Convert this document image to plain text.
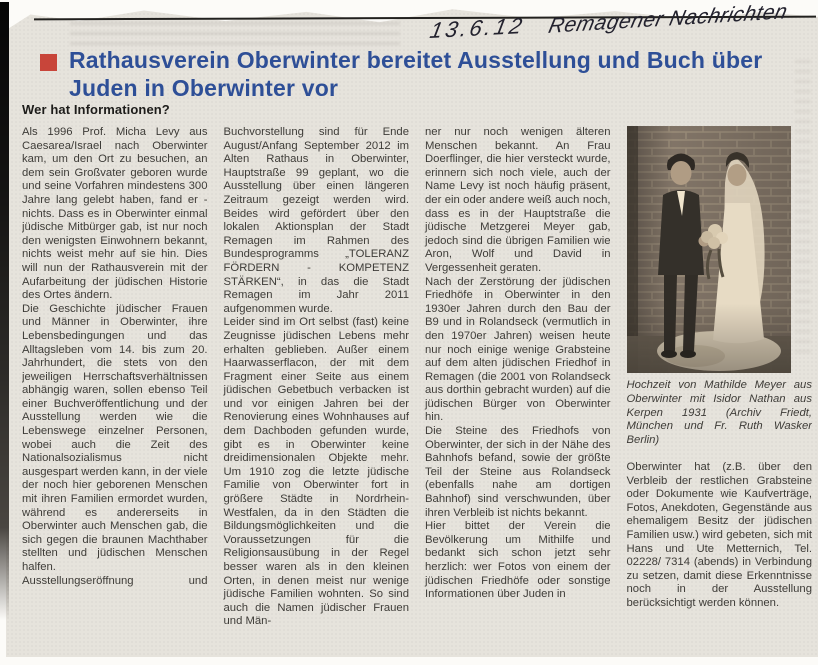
13.6.12 Remagener Nachrichten
Rathausverein Oberwinter bereitet Ausstellung und Buch über Juden in Oberwinter vor
Wer hat Informationen?

Als 1996 Prof. Micha Levy aus Caesarea/Israel nach Oberwinter kam, um den Ort zu besuchen, an dem sein Großvater geboren wurde und seine Vorfahren mindestens 300 Jahre lang gelebt haben, fand er - nichts. Dass es in Oberwinter einmal jüdische Mitbürger gab, ist nur noch den wenigsten Einwohnern bekannt, nichts weist mehr auf sie hin. Dies will nun der Rathausverein mit der Aufarbeitung der jüdischen Historie des Ortes ändern.

Die Geschichte jüdischer Frauen und Männer in Oberwinter, ihre Lebensbedingungen und das Alltagsleben vom 14. bis zum 20. Jahrhundert, die stets von den jeweiligen Herrschaftsverhältnissen abhängig waren, sollen ebenso Teil einer Buchveröffentlichung und der Ausstellung werden wie die Lebenswege einzelner Personen, wobei auch die Zeit des Nationalsozialismus nicht ausgespart werden kann, in der viele der noch hier geborenen Menschen mit ihren Familien ermordet wurden, während es andererseits in Oberwinter auch Menschen gab, die sich gegen die braunen Machthaber stellten und jüdischen Menschen halfen.

Ausstellungseröffnung und

Buchvorstellung sind für Ende August/Anfang September 2012 im Alten Rathaus in Oberwinter, Hauptstraße 99 geplant, wo die Ausstellung über einen längeren Zeitraum gezeigt werden wird. Beides wird gefördert über den lokalen Aktionsplan der Stadt Remagen im Rahmen des Bundesprogramms „TOLERANZ FÖRDERN - KOMPETENZ STÄRKEN“, in das die Stadt Remagen im Jahr 2011 aufgenommen wurde.

Leider sind im Ort selbst (fast) keine Zeugnisse jüdischen Lebens mehr erhalten geblieben. Außer einem Haarwasserflacon, der mit dem Fragment einer Seite aus einem jüdischen Gebetbuch verbacken ist und vor einigen Jahren bei der Renovierung eines Wohnhauses auf dem Dachboden gefunden wurde, gibt es in Oberwinter keine dreidimensionalen Objekte mehr. Um 1910 zog die letzte jüdische Familie von Oberwinter fort in größere Städte in Nordrhein-Westfalen, da in den Städten die Bildungsmöglichkeiten und die Voraussetzungen für die Religionsausübung in der Regel besser waren als in den kleinen Orten, in denen meist nur wenige jüdische Familien wohnten. So sind auch die Namen jüdischer Frauen und Män-

ner nur noch wenigen älteren Menschen bekannt. An Frau Doerflinger, die hier versteckt wurde, erinnern sich noch viele, auch der Name Levy ist noch häufig präsent, der ein oder andere weiß auch noch, dass es in der Hauptstraße die jüdische Metzgerei Meyer gab, jedoch sind die übrigen Familien wie Aron, Wolf und David in Vergessenheit geraten.

Nach der Zerstörung der jüdischen Friedhöfe in Oberwinter in den 1930er Jahren durch den Bau der B9 und in Rolandseck (vermutlich in den 1970er Jahren) weisen heute nur noch einige wenige Grabsteine auf dem alten jüdischen Friedhof in Remagen (die 2001 von Rolandseck aus dorthin gebracht wurden) auf die jüdischen Bürger von Oberwinter hin.

Die Steine des Friedhofs von Oberwinter, der sich in der Nähe des Bahnhofs befand, sowie der größte Teil der Steine aus Rolandseck (ebenfalls nahe am dortigen Bahnhof) sind verschwunden, über ihren Verbleib ist nichts bekannt.

Hier bittet der Verein die Bevölkerung um Mithilfe und bedankt sich schon jetzt sehr herzlich: wer Fotos von einem der jüdischen Friedhöfe oder sonstige Informationen über Juden in

Hochzeit von Mathilde Meyer aus Oberwinter mit Isidor Nathan aus Kerpen 1931 (Archiv Friedt, München und Fr. Ruth Wasker Berlin)

Oberwinter hat (z.B. über den Verbleib der restlichen Grabsteine oder Dokumente wie Kaufverträge, Fotos, Anekdoten, Gegenstände aus ehemaligem Besitz der jüdischen Familien usw.) wird gebeten, sich mit Hans und Ute Metternich, Tel. 02228/ 7314 (abends) in Verbindung zu setzen, damit diese Erkenntnisse noch in der Ausstellung berücksichtigt werden können.
